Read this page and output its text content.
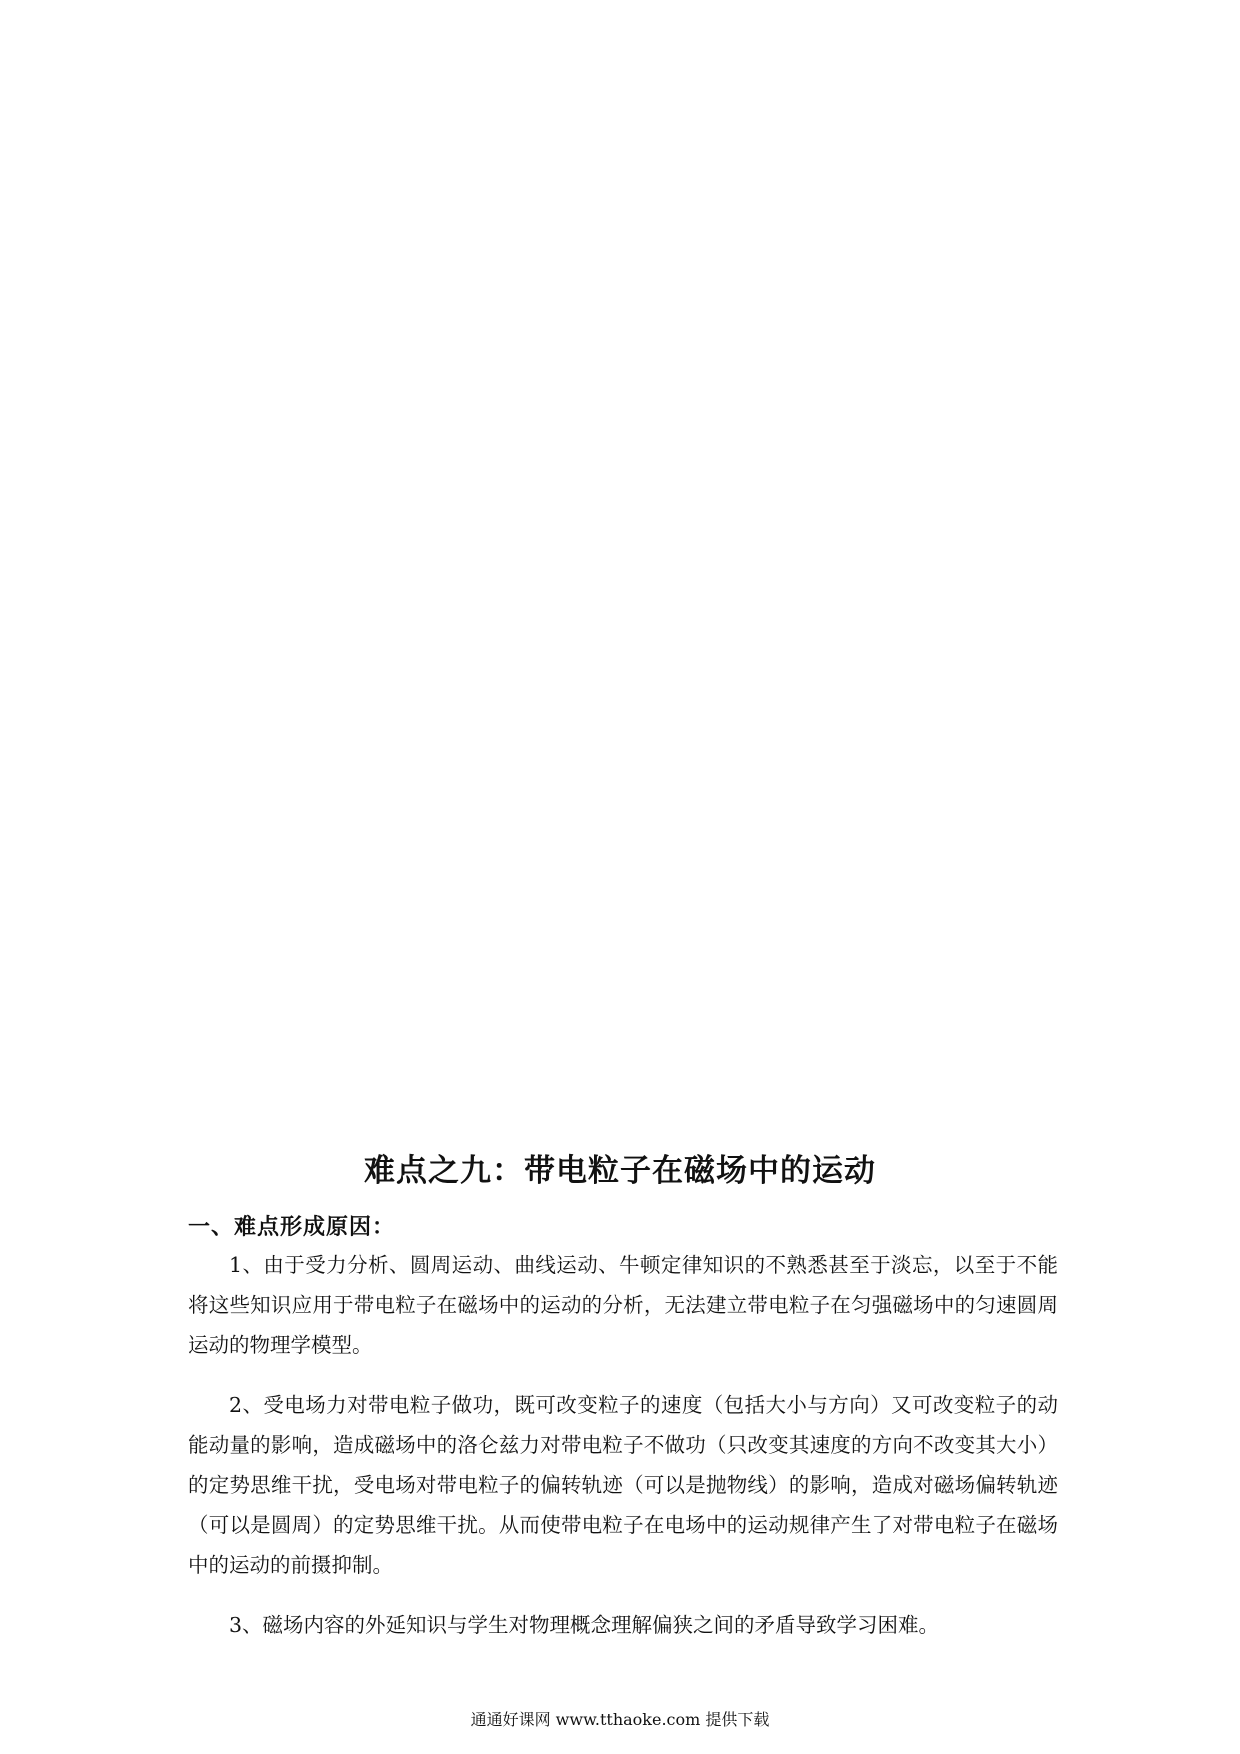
难点之九：带电粒子在磁场中的运动
一、难点形成原因：

1、由于受力分析、圆周运动、曲线运动、牛顿定律知识的不熟悉甚至于淡忘，以至于不能将这些知识应用于带电粒子在磁场中的运动的分析，无法建立带电粒子在匀强磁场中的匀速圆周运动的物理学模型。

2、受电场力对带电粒子做功，既可改变粒子的速度（包括大小与方向）又可改变粒子的动能动量的影响，造成磁场中的洛仑兹力对带电粒子不做功（只改变其速度的方向不改变其大小）的定势思维干扰，受电场对带电粒子的偏转轨迹（可以是抛物线）的影响，造成对磁场偏转轨迹（可以是圆周）的定势思维干扰。从而使带电粒子在电场中的运动规律产生了对带电粒子在磁场中的运动的前摄抑制。

3、磁场内容的外延知识与学生对物理概念理解偏狭之间的矛盾导致学习困难。

通通好课网 www.tthaoke.com 提供下载
